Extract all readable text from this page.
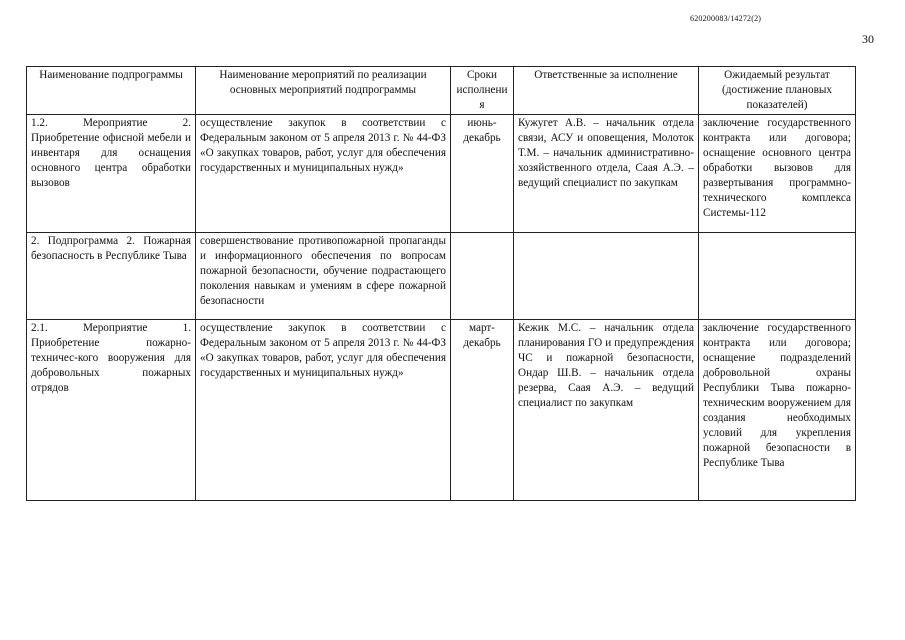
620200083/14272(2)
30
Наименование подпрограммы	Наименование мероприятий по реализации основных мероприятий подпрограммы	Сроки исполнения	Ответственные за исполнение	Ожидаемый результат (достижение плановых показателей)
1.2. Мероприятие 2. Приобретение офисной мебели и инвентаря для оснащения основного центра обработки вызовов	осуществление закупок в соответствии с Федеральным законом от 5 апреля 2013 г. № 44-ФЗ «О закупках товаров, работ, услуг для обеспечения государственных и муниципальных нужд»	июнь-декабрь	Кужугет А.В. – начальник отдела связи, АСУ и оповещения, Молоток Т.М. – начальник административно-хозяйственного отдела, Саая А.Э. – ведущий специалист по закупкам	заключение государственного контракта или договора; оснащение основного центра обработки вызовов для развертывания программно-технического комплекса Системы-112
2. Подпрограмма 2. Пожарная безопасность в Республике Тыва	совершенствование противопожарной пропаганды и информационного обеспечения по вопросам пожарной безопасности, обучение подрастающего поколения навыкам и умениям в сфере пожарной безопасности			
2.1. Мероприятие 1. Приобретение пожарно-техничес-кого вооружения для добровольных пожарных отрядов	осуществление закупок в соответствии с Федеральным законом от 5 апреля 2013 г. № 44-ФЗ «О закупках товаров, работ, услуг для обеспечения государственных и муниципальных нужд»	март-декабрь	Кежик М.С. – начальник отдела планирования ГО и предупреждения ЧС и пожарной безопасности, Ондар Ш.В. – начальник отдела резерва, Саая А.Э. – ведущий специалист по закупкам	заключение государственного контракта или договора; оснащение подразделений добровольной охраны Республики Тыва пожарно-техническим вооружением для создания необходимых условий для укрепления пожарной безопасности в Республике Тыва
